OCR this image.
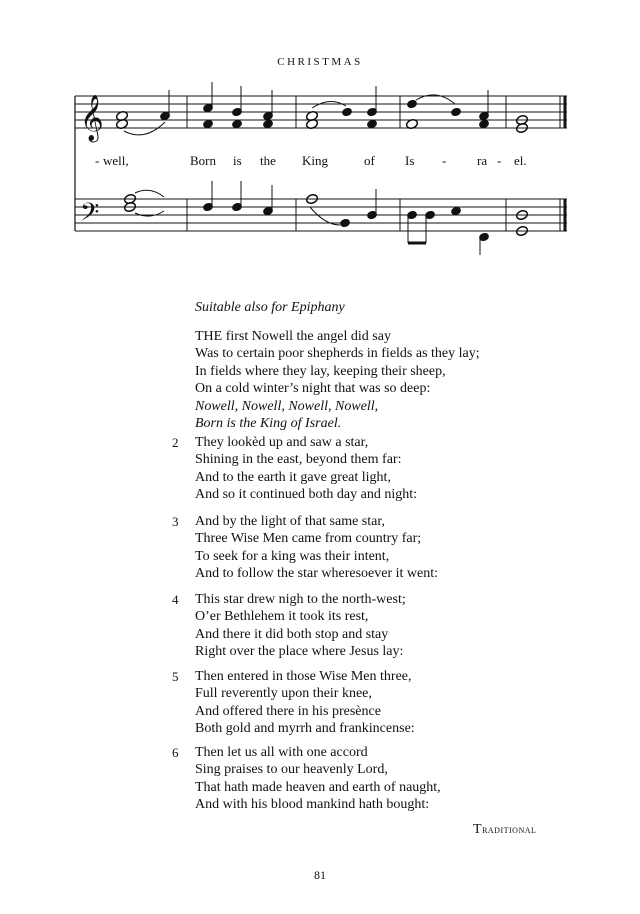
CHRISTMAS
𝄞
𝄢
- well,	Born is the King	of Is - ra - el.
Suitable also for Epiphany
THE first Nowell the angel did say
Was to certain poor shepherds in fields as they lay;
In fields where they lay, keeping their sheep,
On a cold winter’s night that was so deep:
Nowell, Nowell, Nowell, Nowell,
Born is the King of Israel.
2 They lookèd up and saw a star,
Shining in the east, beyond them far:
And to the earth it gave great light,
And so it continued both day and night:
3 And by the light of that same star,
Three Wise Men came from country far;
To seek for a king was their intent,
And to follow the star wheresoever it went:
4 This star drew nigh to the north-west;
O’er Bethlehem it took its rest,
And there it did both stop and stay
Right over the place where Jesus lay:
5 Then entered in those Wise Men three,
Full reverently upon their knee,
And offered there in his presènce
Both gold and myrrh and frankincense:
6 Then let us all with one accord
Sing praises to our heavenly Lord,
That hath made heaven and earth of naught,
And with his blood mankind hath bought:
Traditional
81
